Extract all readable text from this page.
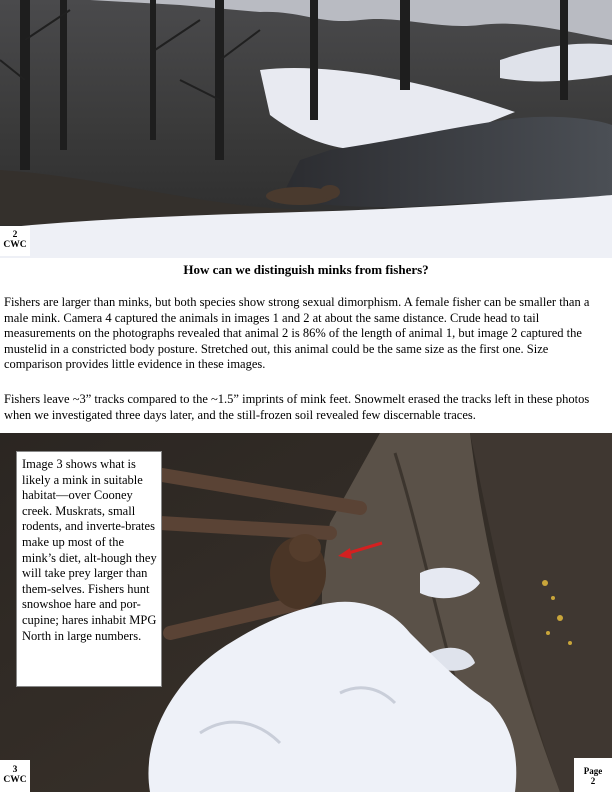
2
CWC
How can we distinguish minks from fishers?

Fishers are larger than minks, but both species show strong sexual dimorphism. A female fisher can be smaller than a male mink. Camera 4 captured the animals in images 1 and 2 at about the same distance. Crude head to tail measurements on the photographs revealed that animal 2 is 86% of the length of animal 1, but image 2 captured the mustelid in a constricted body posture. Stretched out, this animal could be the same size as the first one. Size comparison provides little evidence in these images.

Fishers leave ~3” tracks compared to the ~1.5” imprints of mink feet. Snowmelt erased the tracks left in these photos when we investigated three days later, and the still-frozen soil revealed few discernable traces.

Image 3 shows what is likely a mink in suitable habitat—over Cooney creek. Muskrats, small rodents, and inverte-brates make up most of the mink’s diet, alt-hough they will take prey larger than them-selves. Fishers hunt snowshoe hare and por-cupine; hares inhabit MPG North in large numbers.
3
CWC
Page
2
